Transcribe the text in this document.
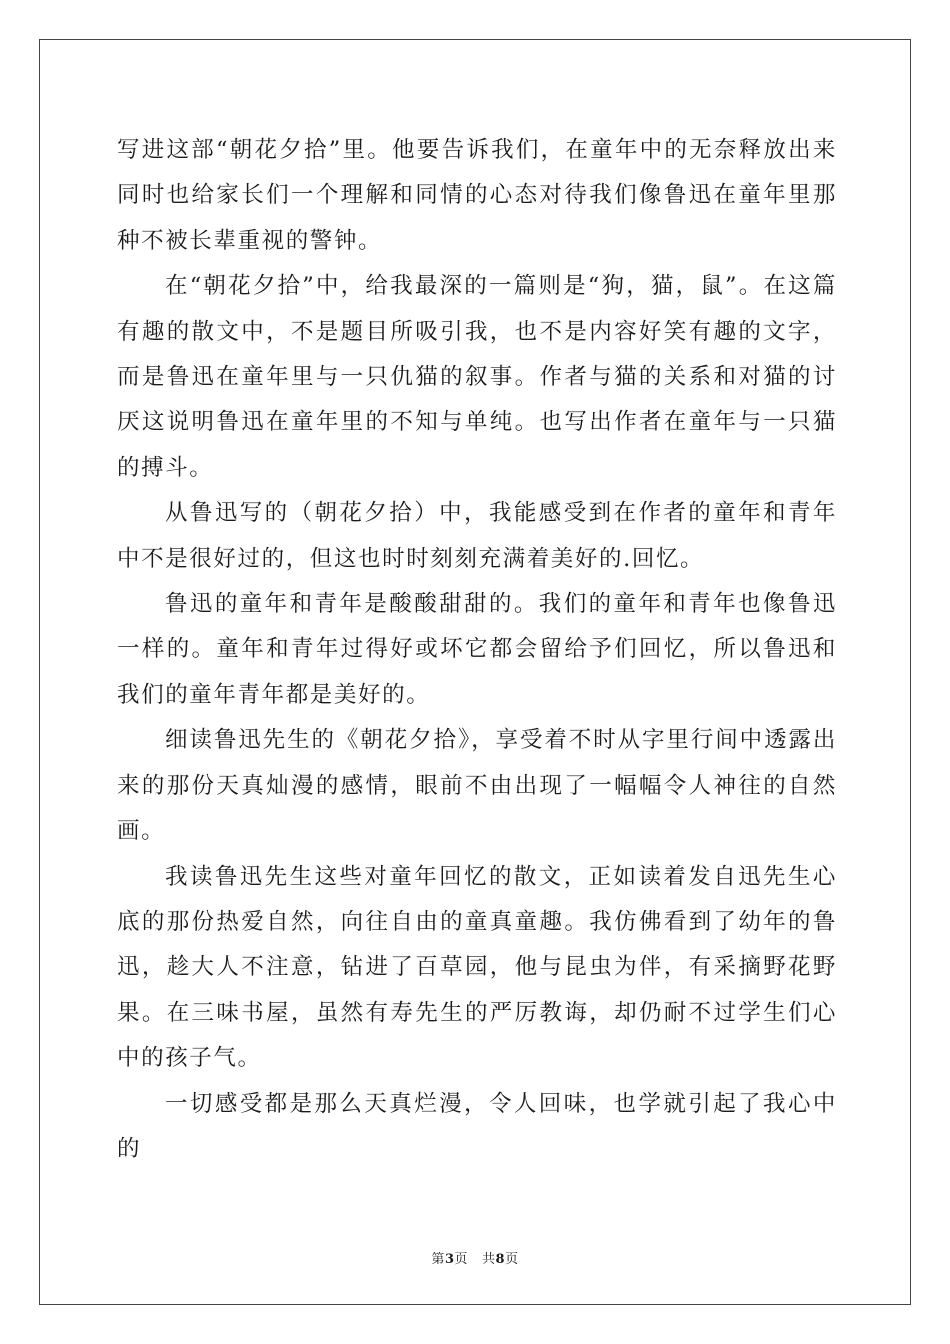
写进这部“朝花夕拾”里。他要告诉我们，在童年中的无奈释放出来同时也给家长们一个理解和同情的心态对待我们像鲁迅在童年里那种不被长辈重视的警钟。

在“朝花夕拾”中，给我最深的一篇则是“狗，猫，鼠”。在这篇有趣的散文中，不是题目所吸引我，也不是内容好笑有趣的文字，而是鲁迅在童年里与一只仇猫的叙事。作者与猫的关系和对猫的讨厌这说明鲁迅在童年里的不知与单纯。也写出作者在童年与一只猫的搏斗。

从鲁迅写的（朝花夕拾）中，我能感受到在作者的童年和青年中不是很好过的，但这也时时刻刻充满着美好的.回忆。

鲁迅的童年和青年是酸酸甜甜的。我们的童年和青年也像鲁迅一样的。童年和青年过得好或坏它都会留给予们回忆，所以鲁迅和我们的童年青年都是美好的。

细读鲁迅先生的《朝花夕拾》，享受着不时从字里行间中透露出来的那份天真灿漫的感情，眼前不由出现了一幅幅令人神往的自然画。

我读鲁迅先生这些对童年回忆的散文，正如读着发自迅先生心底的那份热爱自然，向往自由的童真童趣。我仿佛看到了幼年的鲁迅，趁大人不注意，钻进了百草园，他与昆虫为伴，有采摘野花野果。在三味书屋，虽然有寿先生的严厉教诲，却仍耐不过学生们心中的孩子气。

一切感受都是那么天真烂漫，令人回味，也学就引起了我心中的

第3页 共8页
